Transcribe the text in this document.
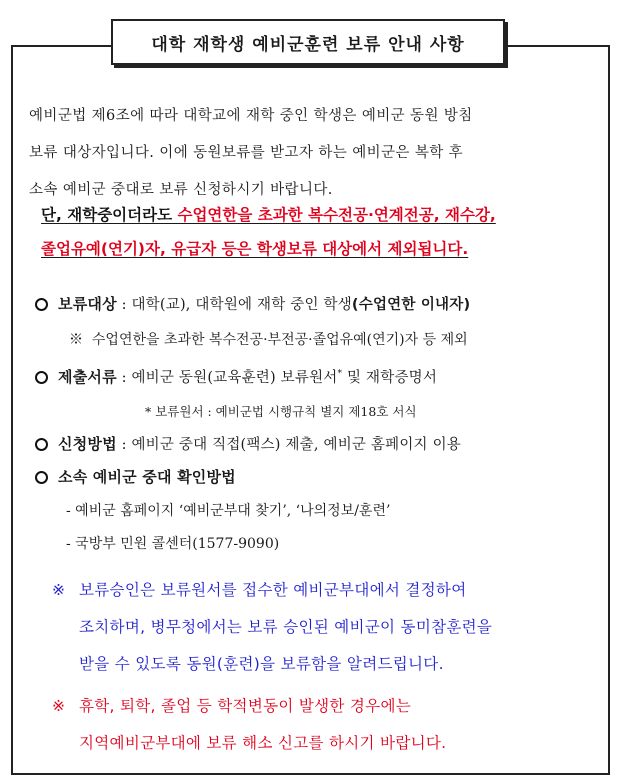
대학 재학생 예비군훈련 보류 안내 사항
예비군법 제6조에 따라 대학교에 재학 중인 학생은 예비군 동원 방침
보류 대상자입니다. 이에 동원보류를 받고자 하는 예비군은 복학 후
소속 예비군 중대로 보류 신청하시기 바랍니다.
단, 재학중이더라도 수업연한을 초과한 복수전공·연계전공, 재수강,
졸업유예(연기)자, 유급자 등은 학생보류 대상에서 제외됩니다.
보류대상 : 대학(교), 대학원에 재학 중인 학생(수업연한 이내자)
※ 수업연한을 초과한 복수전공·부전공·졸업유예(연기)자 등 제외
제출서류 : 예비군 동원(교육훈련) 보류원서* 및 재학증명서
* 보류원서 : 예비군법 시행규칙 별지 제18호 서식
신청방법 : 예비군 중대 직접(팩스) 제출, 예비군 홈페이지 이용
소속 예비군 중대 확인방법
- 예비군 홈페이지 ‘예비군부대 찾기’, ‘나의정보/훈련’
- 국방부 민원 콜센터(1577-9090)
※ 보류승인은 보류원서를 접수한 예비군부대에서 결정하여
조치하며, 병무청에서는 보류 승인된 예비군이 동미참훈련을
받을 수 있도록 동원(훈련)을 보류함을 알려드립니다.
※ 휴학, 퇴학, 졸업 등 학적변동이 발생한 경우에는
지역예비군부대에 보류 해소 신고를 하시기 바랍니다.
